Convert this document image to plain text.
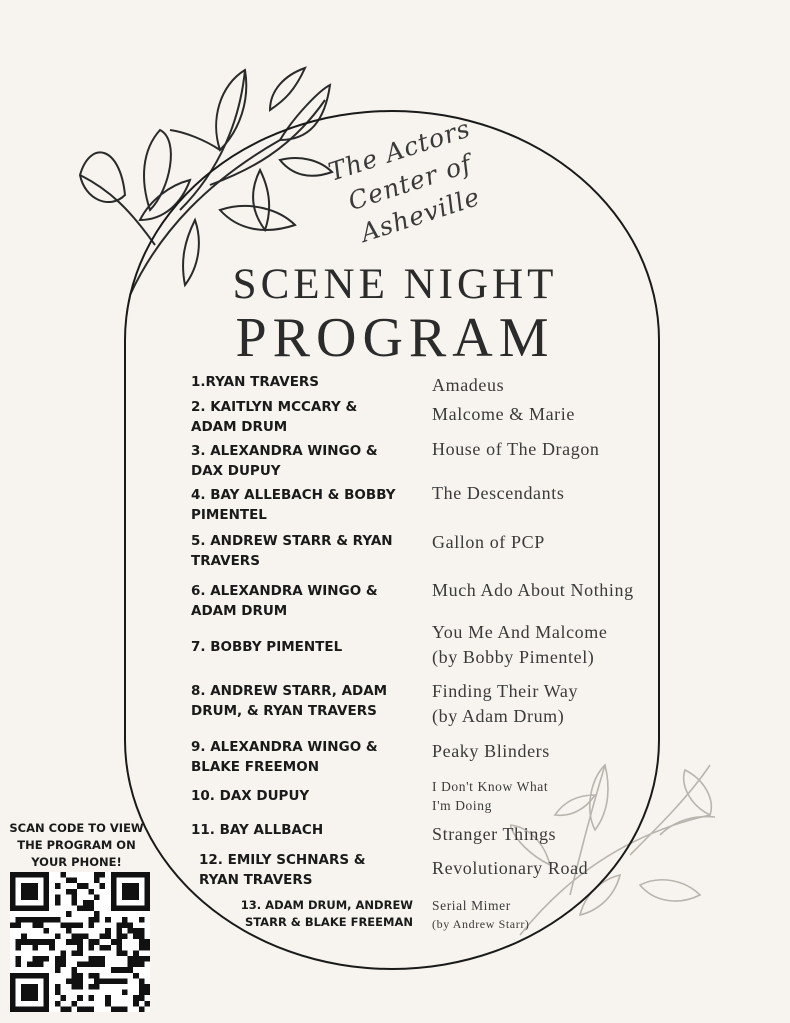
The Actors Center of Asheville
SCENE NIGHT
PROGRAM
1.RYAN TRAVERS	Amadeus
2. KAITLYN MCCARY & ADAM DRUM
Malcome & Marie
3. ALEXANDRA WINGO & DAX DUPUY
House of The Dragon
4. BAY ALLEBACH & BOBBY PIMENTEL
The Descendants
5. ANDREW STARR & RYAN TRAVERS
Gallon of PCP
6. ALEXANDRA WINGO & ADAM DRUM
Much Ado About Nothing
7. BOBBY PIMENTEL
You Me And Malcome
(by Bobby Pimentel)
8. ANDREW STARR, ADAM DRUM, & RYAN TRAVERS
Finding Their Way
(by Adam Drum)
9. ALEXANDRA WINGO & BLAKE FREEMON
Peaky Blinders
10. DAX DUPUY
I Don't Know What
I'm Doing
11. BAY ALLBACH	Stranger Things
12. EMILY SCHNARS & RYAN TRAVERS
Revolutionary Road
13. ADAM DRUM, ANDREW STARR & BLAKE FREEMAN
Serial Mimer
(by Andrew Starr)
SCAN CODE TO VIEW THE PROGRAM ON YOUR PHONE!
